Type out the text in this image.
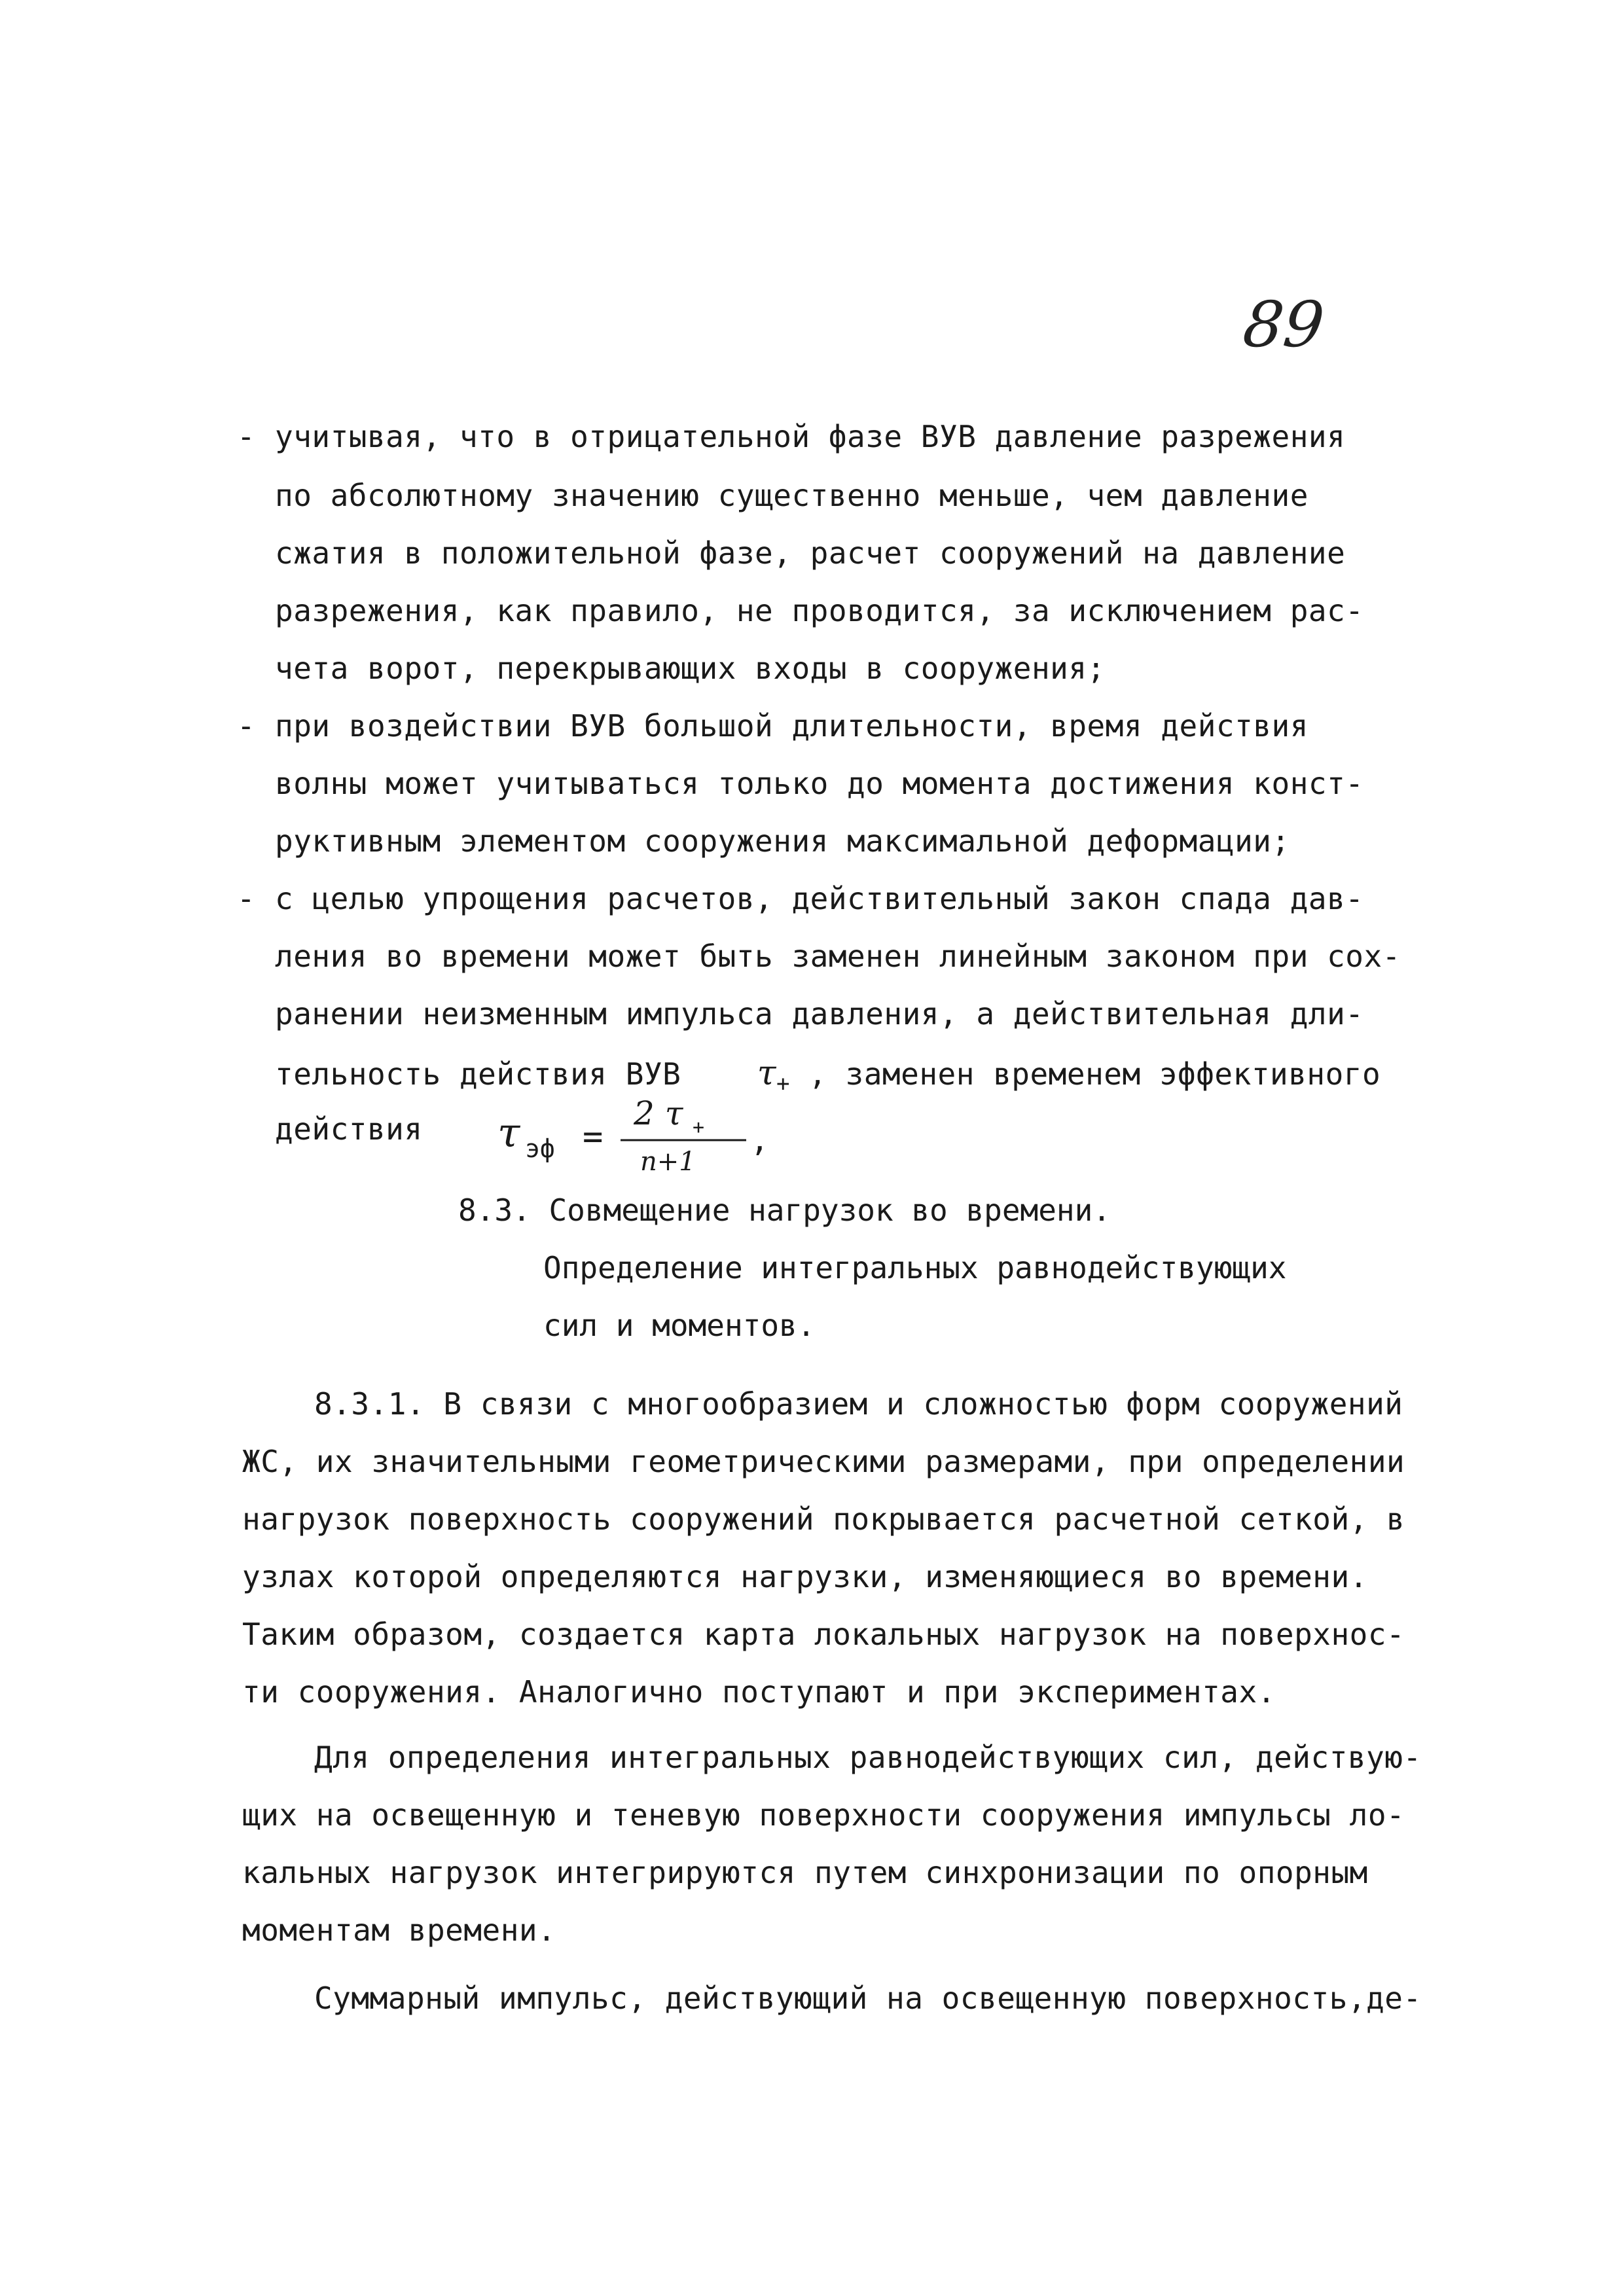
89
- учитывая, что в отрицательной фазе ВУВ давление разрежения
по абсолютному значению существенно меньше, чем давление
сжатия в положительной фазе, расчет сооружений на давление
разрежения, как правило, не проводится, за исключением рас-
чета ворот, перекрывающих входы в сооружения;
- при воздействии ВУВ большой длительности, время действия
волны может учитываться только до момента достижения конст-
руктивным элементом сооружения максимальной деформации;
- с целью упрощения расчетов, действительный закон спада дав-
ления во времени может быть заменен линейным законом при сох-
ранении неизменным импульса давления, а действительная дли-
тельность действия ВУВ $\tau_+$ , заменен временем эффективного
действия τ эф =
2 τ +
n+1
,
8.3. Совмещение нагрузок во времени.
Определение интегральных равнодействующих
сил и моментов.
8.3.1. В связи с многообразием и сложностью форм сооружений
ЖС, их значительными геометрическими размерами, при определении
нагрузок поверхность сооружений покрывается расчетной сеткой, в
узлах которой определяются нагрузки, изменяющиеся во времени.
Таким образом, создается карта локальных нагрузок на поверхнос-
ти сооружения. Аналогично поступают и при экспериментах.
Для определения интегральных равнодействующих сил, действую-
щих на освещенную и теневую поверхности сооружения импульсы ло-
кальных нагрузок интегрируются путем синхронизации по опорным
моментам времени.
Суммарный импульс, действующий на освещенную поверхность,де-
